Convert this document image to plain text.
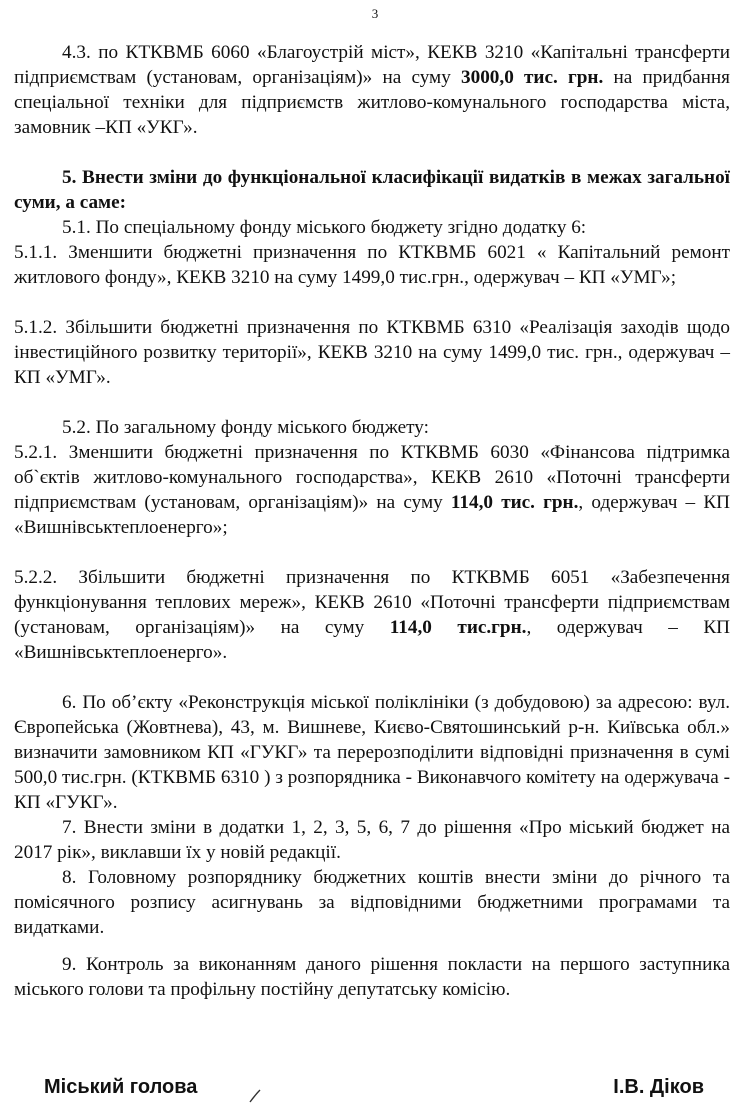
3

4.3. по КТКВМБ 6060 «Благоустрій міст», КЕКВ 3210 «Капітальні трансферти підприємствам (установам, організаціям)» на суму 3000,0 тис. грн. на придбання спеціальної техніки для підприємств житлово-комунального господарства міста, замовник –КП «УКГ».

5. Внести зміни до функціональної класифікації видатків в межах загальної суми, а саме:

5.1. По спеціальному фонду міського бюджету згідно додатку 6:

5.1.1. Зменшити бюджетні призначення по КТКВМБ 6021 « Капітальний ремонт житлового фонду», КЕКВ 3210 на суму 1499,0 тис.грн., одержувач – КП «УМГ»;

5.1.2. Збільшити бюджетні призначення по КТКВМБ 6310 «Реалізація заходів щодо інвестиційного розвитку території», КЕКВ 3210 на суму 1499,0 тис. грн., одержувач – КП «УМГ».

5.2. По загальному фонду міського бюджету:

5.2.1. Зменшити бюджетні призначення по КТКВМБ 6030 «Фінансова підтримка об`єктів житлово-комунального господарства», КЕКВ 2610 «Поточні трансферти підприємствам (установам, організаціям)» на суму 114,0 тис. грн., одержувач – КП «Вишнівськтеплоенерго»;

5.2.2. Збільшити бюджетні призначення по КТКВМБ 6051 «Забезпечення функціонування теплових мереж», КЕКВ 2610 «Поточні трансферти підприємствам (установам, організаціям)» на суму 114,0 тис.грн., одержувач – КП «Вишнівськтеплоенерго».

6. По об’єкту «Реконструкція міської поліклініки (з добудовою) за адресою: вул. Європейська (Жовтнева), 43, м. Вишневе, Києво-Святошинський р-н. Київська обл.» визначити замовником КП «ГУКГ» та перерозподілити відповідні призначення в сумі 500,0 тис.грн. (КТКВМБ 6310 ) з розпорядника - Виконавчого комітету на одержувача - КП «ГУКГ».

7. Внести зміни в додатки 1, 2, 3, 5, 6, 7 до рішення «Про міський бюджет на 2017 рік», виклавши їх у новій редакції.

8. Головному розпоряднику бюджетних коштів внести зміни до річного та помісячного розпису асигнувань за відповідними бюджетними програмами та видатками.

9. Контроль за виконанням даного рішення покласти на першого заступника міського голови та профільну постійну депутатську комісію.

Міський голова	І.В. Діков
